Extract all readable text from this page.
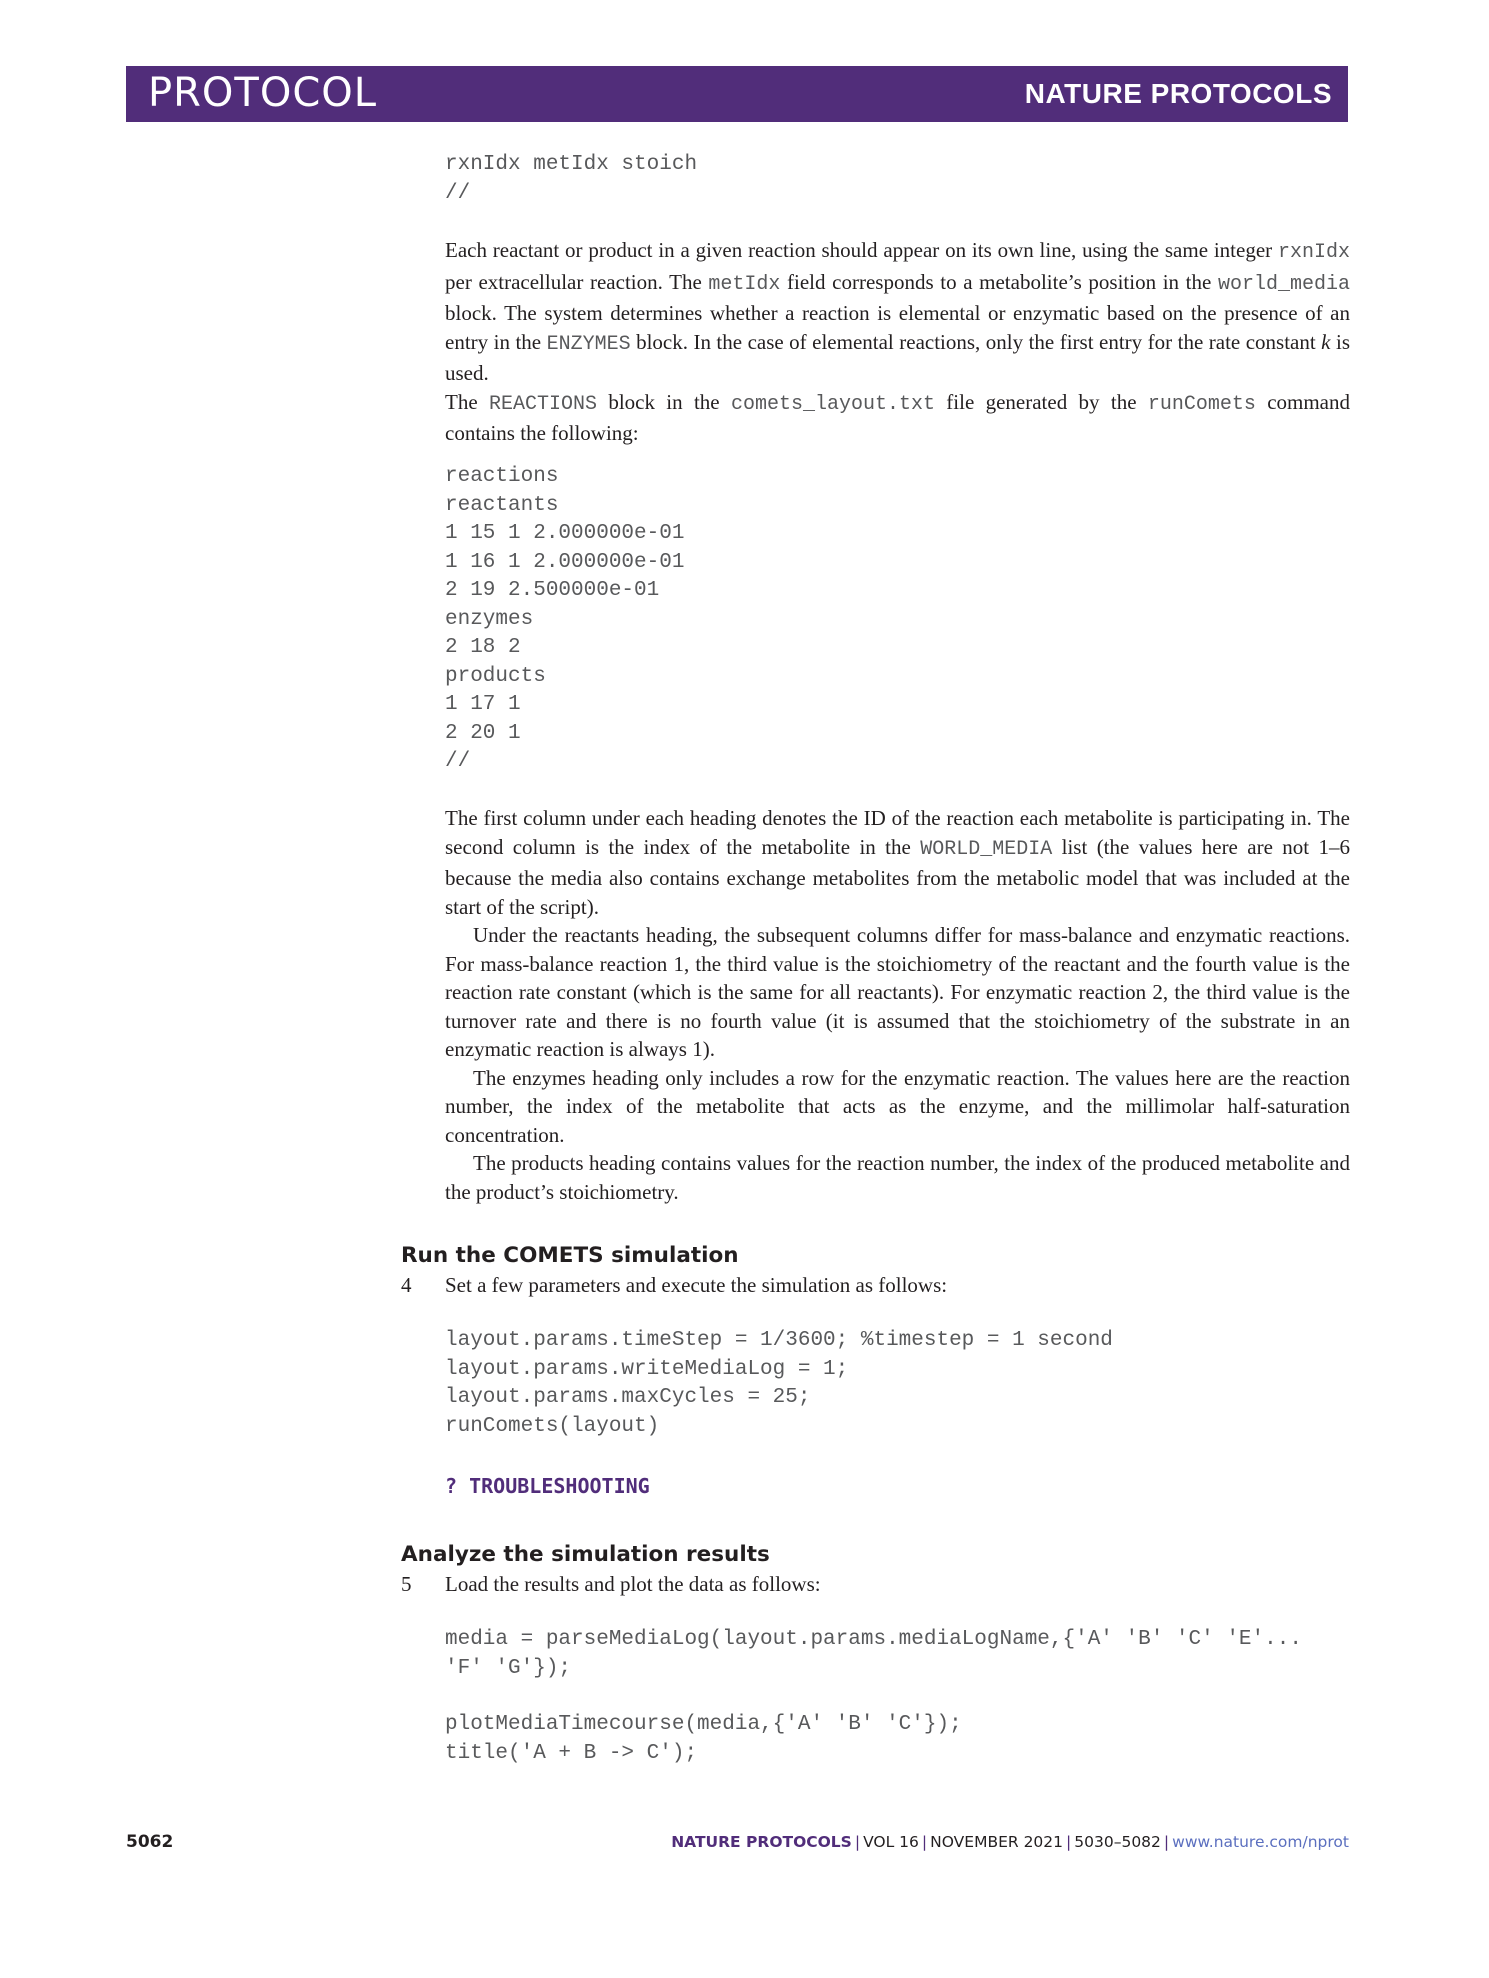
PROTOCOL	NATURE PROTOCOLS
rxnIdx metIdx stoich
//

Each reactant or product in a given reaction should appear on its own line, using the same integer rxnIdx per extracellular reaction. The metIdx field corresponds to a metabolite’s position in the world_media block. The system determines whether a reaction is elemental or enzymatic based on the presence of an entry in the ENZYMES block. In the case of elemental reactions, only the first entry for the rate constant k is used.

The REACTIONS block in the comets_layout.txt file generated by the runComets command contains the following:

reactions
reactants
1 15 1 2.000000e-01
1 16 1 2.000000e-01
2 19 2.500000e-01
enzymes
2 18 2
products
1 17 1
2 20 1
//

The first column under each heading denotes the ID of the reaction each metabolite is participating in. The second column is the index of the metabolite in the WORLD_MEDIA list (the values here are not 1–6 because the media also contains exchange metabolites from the metabolic model that was included at the start of the script).

Under the reactants heading, the subsequent columns differ for mass-balance and enzymatic reactions. For mass-balance reaction 1, the third value is the stoichiometry of the reactant and the fourth value is the reaction rate constant (which is the same for all reactants). For enzymatic reaction 2, the third value is the turnover rate and there is no fourth value (it is assumed that the stoichiometry of the substrate in an enzymatic reaction is always 1).

The enzymes heading only includes a row for the enzymatic reaction. The values here are the reaction number, the index of the metabolite that acts as the enzyme, and the millimolar half-saturation concentration.

The products heading contains values for the reaction number, the index of the produced metabolite and the product’s stoichiometry.

Run the COMETS simulation
4 Set a few parameters and execute the simulation as follows:
layout.params.timeStep = 1/3600; %timestep = 1 second
layout.params.writeMediaLog = 1;
layout.params.maxCycles = 25;
runComets(layout)
? TROUBLESHOOTING
Analyze the simulation results
5 Load the results and plot the data as follows:
media = parseMediaLog(layout.params.mediaLogName,{'A' 'B' 'C' 'E'...
'F' 'G'});
plotMediaTimecourse(media,{'A' 'B' 'C'});
title('A + B -> C');
5062	NATURE PROTOCOLS | VOL 16 | NOVEMBER 2021 | 5030–5082 | www.nature.com/nprot
